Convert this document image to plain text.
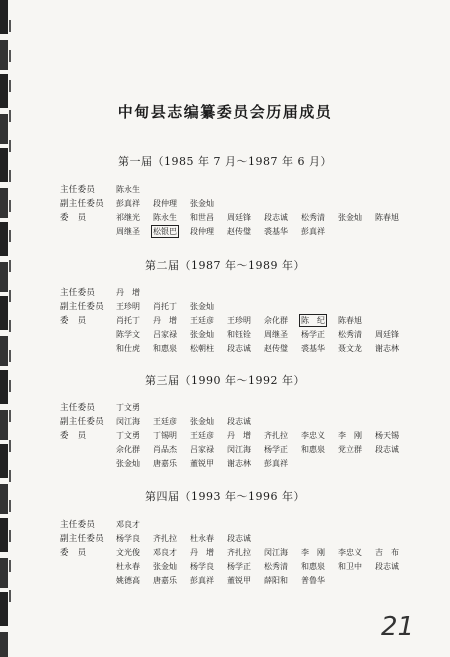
中甸县志编纂委员会历届成员
第一届（1985 年 7 月～1987 年 6 月）
主任委员	陈永生
副主任委员	彭真祥	段仲理	张金灿
委　员	祁继光	陈永生	和世昌	周廷锋	段志诚	松秀清	张金灿	陈春旭
周继圣	松银巴	段仲理	赵传璧	裘基华	彭真祥
第二届（1987 年～1989 年）
主任委员	丹　增
副主任委员	王珍明	肖托丁	张金灿
委　员	肖托丁	丹　增	王廷彦	王珍明	佘化群	陈　纪	陈春旭
陈学文	吕家禄	张金灿	和钰铨	周继圣	杨学正	松秀清	周廷锋
和仕虎	和惠泉	松朝柱	段志诚	赵传璧	裘基华	聂文龙	谢志林
第三届（1990 年～1992 年）
主任委员	丁文勇
副主任委员	闵江海	王廷彦	张金灿	段志诚
委　员	丁文勇	丁锡明	王廷彦	丹　增	齐扎拉	李忠义	李　刚	杨天锡
佘化群	肖品杰	吕家禄	闵江海	杨学正	和惠泉	党立群	段志诚
张金灿	唐嘉乐	董锐甲	谢志林	彭真祥
第四届（1993 年～1996 年）
主任委员	邓良才
副主任委员	杨学良	齐扎拉	杜永春	段志诚
委　员	文光俊	邓良才	丹　增	齐扎拉	闵江海	李　刚	李忠义	吉　布
杜永春	张金灿	杨学良	杨学正	松秀清	和惠泉	和卫中	段志诚
姚德高	唐嘉乐	彭真祥	董锐甲	薛阳和	普鲁华
21
